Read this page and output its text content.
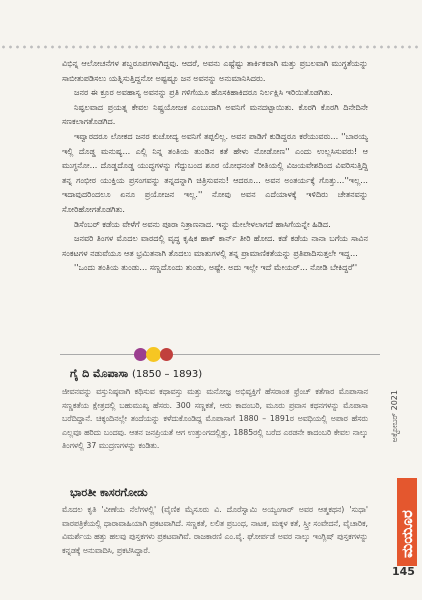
ವಿಭಿನ್ನ ಆಲೋಚನೆಗಳ ಶಬ್ದರೂಪಗಳಾಗಿದ್ದವು. ಆದರೆ, ಅವನು ಎಷ್ಟೆಷ್ಟು ತಾರ್ಕಿಕವಾಗಿ ಮತ್ತು ಪ್ರಬಲವಾಗಿ ಮುಗ್ಧತೆಯನ್ನು ಸಾಬೀತುಪಡಿಸಲು ಯತ್ನಿಸುತ್ತಿದ್ದನೋ ಅಷ್ಟಷ್ಟೂ ಜನ ಅವನನ್ನು ಅನುಮಾನಿಸಿದರು.

ಜನರ ಈ ಕ್ರೂರ ಅವಹಾಸ್ಯ ಅವನನ್ನು ಪ್ರತಿ ಗಳಿಗೆಯೂ ಹೊಸಕಿಹಾಕಿದರೂ ನಿರ್ಲಕ್ಷಿಸಿ ಇರಿಯಿತೊಡಗಿತು.

ನಿಷ್ಫಲವಾದ ಪ್ರಯತ್ನ ಕೇವಲ ನಿಷ್ಪ್ರಯೋಜಕ ಎಂಬುದಾಗಿ ಅವನಿಗೆ ಮನದಟ್ಟಾಯಿತು. ಕೊರಗಿ ಕೊರಗಿ ದಿನೇದಿನೇ ಸಣಕಲಾಗತೊಡಗಿದ.

ಇವ್ವಾರದರೂ ಲೋಕದ ಜನರ ಕುಚೋದ್ಯ ಅವನಿಗೆ ತಪ್ಪಲಿಲ್ಲ. ಅವನ ಪಾಡಿಗೆ ಕುಡಿದ್ದರೂ ಕರೆಯುವರು... ''ಬಾರಯ್ಯ ಇಲ್ಲಿ ದೊಡ್ಡ ಮನುಷ್ಯ... ಎಲ್ಲಿ ನಿನ್ನ ತಂತಿಯ ತುಂಡಿನ ಕತೆ ಹೇಳು ನೋಡೋಣ'' ಎಂದು ಉಲ್ಲಸಿಸುವರು! ಆ ಮುಗ್ಧನೋ... ದೊಡ್ಡದೊಡ್ಡ ಯುದ್ಧಗಳನ್ನು ಗೆದ್ದುಬಂದ ಶೂರ ಯೋಧನಂತೆ ರೀತಿಯಲ್ಲಿ ವಿಜಯವೇಶದಿಂದ ವಿವರಿಸುತ್ತಿದ್ದಿ ತನ್ನ ಗಂಭೀರ ಯುಕ್ತಿಯ ಪ್ರಸಂಗವನ್ನು ತನ್ನದನ್ನಾಗಿ ಚಿತ್ರಿಸುವನು! ಆದರೂ... ಅವನ ಅಂತರ್ಯಕ್ಕೆ ಗೊತ್ತು...''ಇಲ್ಲ... ಇದಾವುದರಿಂದಲೂ ಏನೂ ಪ್ರಯೋಜನ ಇಲ್ಲ.'' ನೋವು ಅವನ ಎದೆಯಾಳಕ್ಕೆ ಇಳಿದಿರು ಚೇತನವನ್ನು ಸೋರಿಹೋಗತೊಡಗಿತು.

ಡಿಸೆಂಬರ್ ಕಡೆಯ ವೇಳೆಗೆ ಅವನು ಪೂರಾ ನಿತ್ರಾಣನಾದ. ಇನ್ನು ಮೇಲೇಳಲಾಗದೆ ಹಾಸಿಗೆಯನ್ನೇ ಹಿಡಿದ.

ಜನವರಿ ತಿಂಗಳ ಮೊದಲ ವಾರದಲ್ಲಿ ವೃದ್ಧ ಕೃಷಿಕ ಹಾಕ್ ಕಾರ್ನ್ ತೀರಿ ಹೋದ. ಕಡೆ ಕಡೆಯ ನಾನಾ ಬಗೆಯ ಸಾವಿನ ಸಂಕಟಗಳ ನಡುವೆಯೂ ಆತ ಭ್ರಮಿತನಾಗಿ ತೊದಲು ಮಾತುಗಳಲ್ಲಿ ತನ್ನ ಪ್ರಾಮಾಣಿಕತೆಯನ್ನು ಪ್ರತಿಪಾದಿಸುತ್ತಲೇ ಇದ್ದ...

''ಒಂದು ತಂತಿಯ ತುಂಡು... ಸಣ್ಣದೊಂದು ತುಂಡು, ಅಷ್ಟೇ. ಅದು ಇಲ್ಲೇ ಇದೆ ಮೇಯರ್... ನೋಡಿ ಬೇಕಿದ್ದರೆ''

ಗೈ ದಿ ಮೊಪಾಸಾ (1850 – 1893)
ಜೀವನವನ್ನು ವಸ್ತುನಿಷ್ಠವಾಗಿ ಕಥಿಸುವ ಕಥಾವಸ್ತು ಮತ್ತು ಮನೋಜ್ಞ ಅಭಿವ್ಯಕ್ತಿಗೆ ಹೆಸರಾಂತ ಫ್ರೆಂಚ್ ಕತೆಗಾರ ಮೊಪಾಸಾನ ಸಣ್ಣಕತೆಯ ಕ್ಷೇತ್ರದಲ್ಲಿ ಬಹುಮುಖ್ಯ ಹೆಸರು. 300 ಸಣ್ಣಕತೆ, ಆರು ಕಾದಂಬರಿ, ಮೂರು ಪ್ರವಾಸ ಕಥನಗಳನ್ನು ಮೊಪಾಸಾ ಬರೆದಿದ್ದಾನೆ. ಚಿಕ್ಕಂದಿನಲ್ಲೇ ತಂದೆಯನ್ನು ಕಳೆದುಕೊಂಡಿದ್ದ ಮೊಪಾಸಾಗೆ 1880 – 1891ರ ಅವಧಿಯಲ್ಲಿ ಅಪಾರ ಹೆಸರು ಎಲ್ಲವೂ ಹರಿದು ಬಂದವು. ಆತನ ಜನಪ್ರಿಯತೆ ಆಗ ಉತ್ತುಂಗದಲ್ಲಿತ್ತು, 1885ರಲ್ಲಿ ಬರೆದ ಎರಡನೇ ಕಾದಂಬರಿ ಕೇವಲ ನಾಲ್ಕು ತಿಂಗಳಲ್ಲಿ 37 ಮುದ್ರಣಗಳನ್ನು ಕಂಡಿತು.
ಭಾರತೀ ಕಾಸರಗೋಡು
ಮೊದಲ ಕೃತಿ 'ವೀಣೆಯ ನೆಲೆಗಳಲ್ಲಿ' (ವೈಣಿಕ ಮೈಸೂರು ವಿ. ದೊರೆಸ್ವಾಮಿ ಅಯ್ಯಂಗಾರ್ ಅವರ ಆತ್ಮಕಥನ) 'ಸುಧಾ' ವಾರಪತ್ರಿಕೆಯಲ್ಲಿ ಧಾರಾವಾಹಿಯಾಗಿ ಪ್ರಕಟವಾಗಿದೆ. ಸಣ್ಣಕತೆ, ಲಲಿತ ಪ್ರಬಂಧ, ನಾಟಕ, ಮಕ್ಕಳ ಕತೆ, ಸ್ತ್ರೀ ಸಂವೇದನೆ, ವೈಚಾರಿಕ, ವಿಮರ್ಶೆಯ ಹತ್ತು ಹಲವು ಪುಸ್ತಕಗಳು ಪ್ರಕಟವಾಗಿವೆ. ರಾಜಕಾರಣಿ ಎಂ.ವೈ. ಘೋರ್ಪಡೆ ಅವರ ನಾಲ್ಕು ಇಂಗ್ಲಿಷ್ ಪುಸ್ತಕಗಳನ್ನು ಕನ್ನಡಕ್ಕೆ ಅನುವಾದಿಸಿ, ಪ್ರಕಟಿಸಿದ್ದಾರೆ.
ಅಕ್ಟೋಬರ್ 2021
ಮಯೂರ
145
